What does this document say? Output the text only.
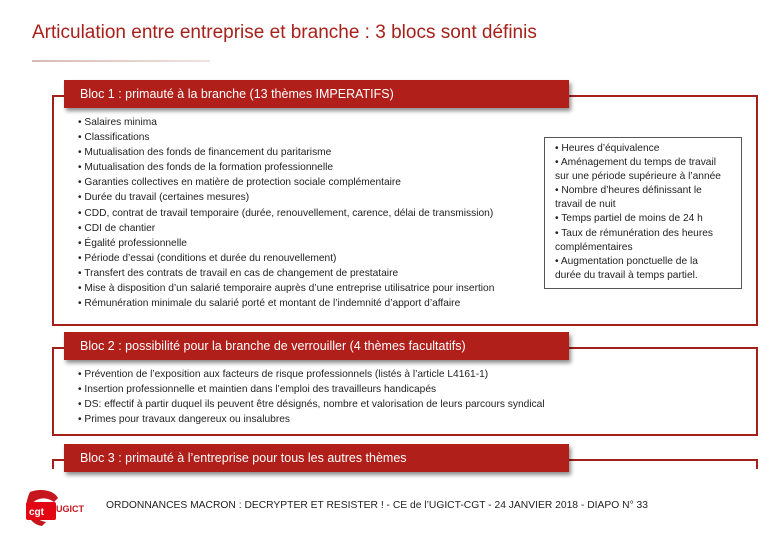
Articulation entre entreprise et branche : 3 blocs sont définis
Bloc 1 : primauté à la branche (13 thèmes IMPERATIFS)
• Salaires minima
• Classifications
• Mutualisation des fonds de financement du paritarisme
• Mutualisation des fonds de la formation professionnelle
• Garanties collectives en matière de protection sociale complémentaire
• Durée du travail (certaines mesures)
• CDD, contrat de travail temporaire (durée, renouvellement, carence, délai de transmission)
• CDI de chantier
• Égalité professionnelle
• Période d’essai (conditions et durée du renouvellement)
• Transfert des contrats de travail en cas de changement de prestataire
• Mise à disposition d’un salarié temporaire auprès d’une entreprise utilisatrice pour insertion
• Rémunération minimale du salarié porté et montant de l’indemnité d’apport d’affaire
• Heures d’équivalence
• Aménagement du temps de travail
sur une période supérieure à l’année
• Nombre d’heures définissant le
travail de nuit
• Temps partiel de moins de 24 h
• Taux de rémunération des heures
complémentaires
• Augmentation ponctuelle de la
durée du travail à temps partiel.
Bloc 2 : possibilité pour la branche de verrouiller (4 thèmes facultatifs)
• Prévention de l’exposition aux facteurs de risque professionnels (listés à l’article L4161-1)
• Insertion professionnelle et maintien dans l’emploi des travailleurs handicapés
• DS: effectif à partir duquel ils peuvent être désignés, nombre et valorisation de leurs parcours syndical
• Primes pour travaux dangereux ou insalubres
Bloc 3 : primauté à l’entreprise pour tous les autres thèmes
cgt UGICT ORDONNANCES MACRON : DECRYPTER ET RESISTER ! - CE de l’UGICT-CGT - 24 JANVIER 2018 - DIAPO N° 33
